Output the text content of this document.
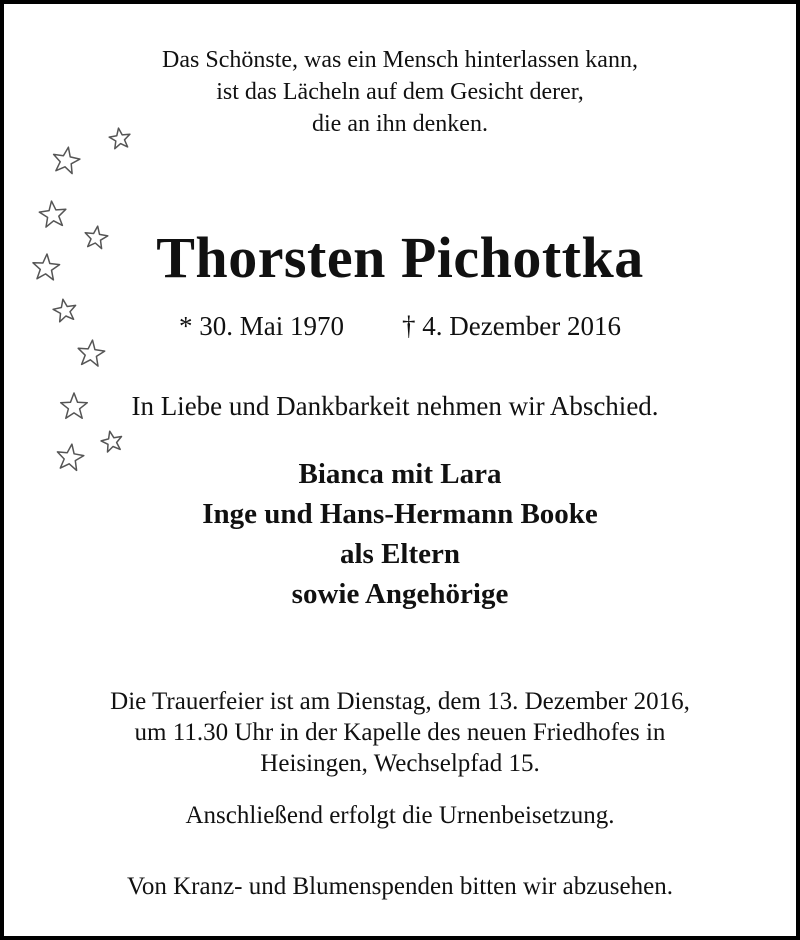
Das Schönste, was ein Mensch hinterlassen kann,
ist das Lächeln auf dem Gesicht derer,
die an ihn denken.
Thorsten Pichottka
* 30. Mai 1970 † 4. Dezember 2016
In Liebe und Dankbarkeit nehmen wir Abschied.
Bianca mit Lara
Inge und Hans-Hermann Booke
als Eltern
sowie Angehörige
Die Trauerfeier ist am Dienstag, dem 13. Dezember 2016,
um 11.30 Uhr in der Kapelle des neuen Friedhofes in
Heisingen, Wechselpfad 15.
Anschließend erfolgt die Urnenbeisetzung.
Von Kranz- und Blumenspenden bitten wir abzusehen.
